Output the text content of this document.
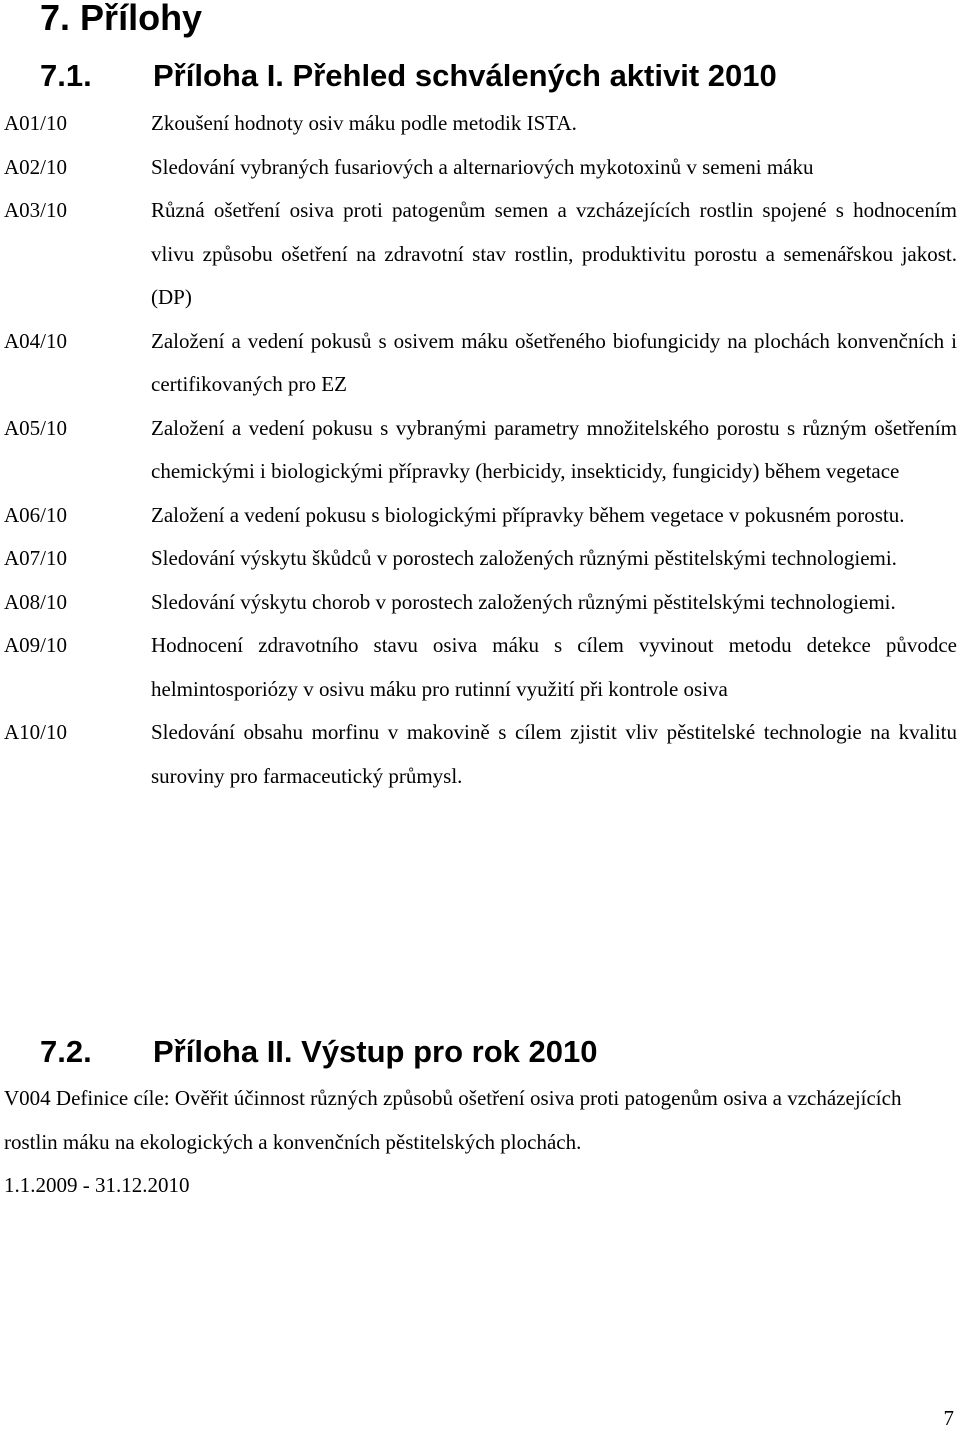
7. Přílohy
7.1. Příloha I. Přehled schválených aktivit 2010
A01/10	Zkoušení hodnoty osiv máku podle metodik ISTA.
A02/10	Sledování vybraných fusariových a alternariových mykotoxinů v semeni máku
A03/10	Různá ošetření osiva proti patogenům semen a vzcházejících rostlin spojené s hodnocením vlivu způsobu ošetření na zdravotní stav rostlin, produktivitu porostu a semenářskou jakost. (DP)
A04/10	Založení a vedení pokusů s osivem máku ošetřeného biofungicidy na plochách konvenčních i certifikovaných pro EZ
A05/10	Založení a vedení pokusu s vybranými parametry množitelského porostu s různým ošetřením chemickými i biologickými přípravky (herbicidy, insekticidy, fungicidy) během vegetace
A06/10	Založení a vedení pokusu s biologickými přípravky během vegetace v pokusném porostu.
A07/10	Sledování výskytu škůdců v porostech založených různými pěstitelskými technologiemi.
A08/10	Sledování výskytu chorob v porostech založených různými pěstitelskými technologiemi.
A09/10	Hodnocení zdravotního stavu osiva máku s cílem vyvinout metodu detekce původce helmintosporiózy v osivu máku pro rutinní využití při kontrole osiva
A10/10	Sledování obsahu morfinu v makovině s cílem zjistit vliv pěstitelské technologie na kvalitu suroviny pro farmaceutický průmysl.
7.2. Příloha II. Výstup pro rok 2010

V004 Definice cíle: Ověřit účinnost různých způsobů ošetření osiva proti patogenům osiva a vzcházejících rostlin máku na ekologických a konvenčních pěstitelských plochách.

1.1.2009 - 31.12.2010

7
